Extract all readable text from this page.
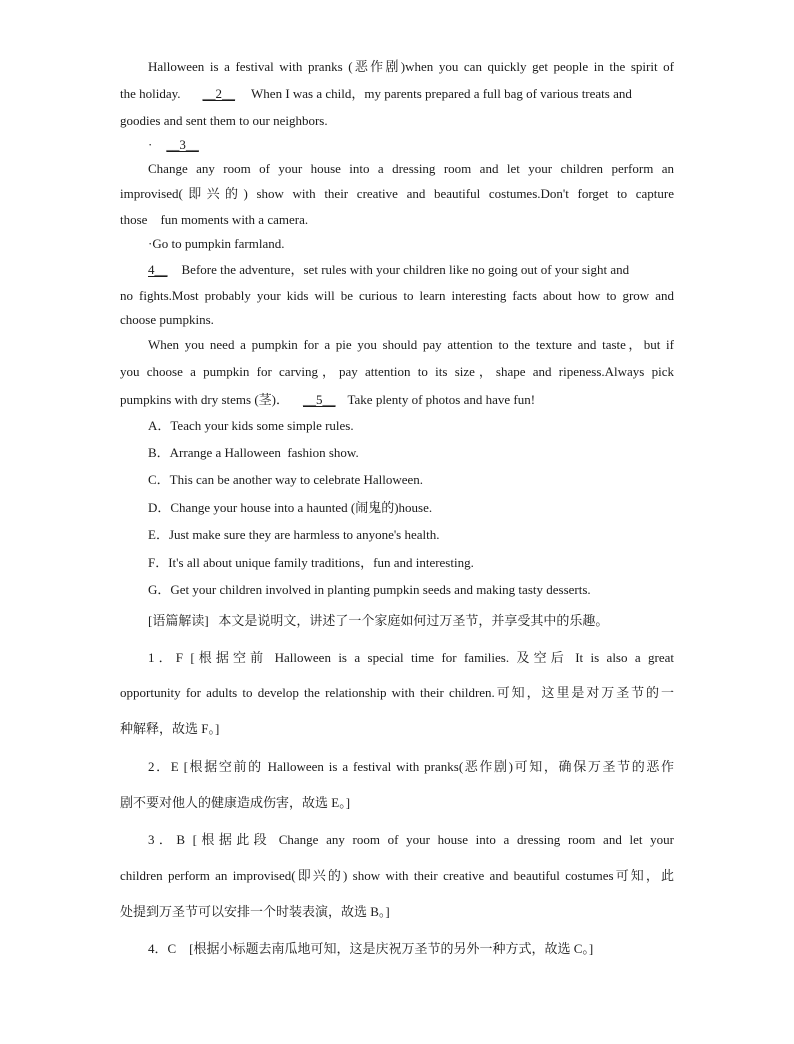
Halloween is a festival with pranks (恶作剧)when you can quickly get people in the spirit of
the holiday. __2__ When I was a child，my parents prepared a full bag of various treats and
goodies and sent them to our neighbors.
· __3__
Change any room of your house into a dressing room and let your children perform an
improvised(即兴的) show with their creative and beautiful costumes.Don't forget to capture
those    fun moments with a camera.
·Go to pumpkin farmland.
4__ Before the adventure，set rules with your children like no going out of your sight and
no fights.Most probably your kids will be curious to learn interesting facts about how to grow and
choose pumpkins.
When you need a pumpkin for a pie you should pay attention to the texture and taste，but if
you choose a pumpkin for carving，pay attention to its size，shape and ripeness.Always pick
pumpkins with dry stems (茎)． __5__ Take plenty of photos and have fun!
A．Teach your kids some simple rules.
B．Arrange a Halloween  fashion show.
C．This can be another way to celebrate Halloween.
D．Change your house into a haunted (闹鬼的)house.
E．Just make sure they are harmless to anyone's health.
F．It's all about unique family traditions，fun and interesting.
G．Get your children involved in planting pumpkin seeds and making tasty desserts.
[语篇解读]   本文是说明文，讲述了一个家庭如何过万圣节，并享受其中的乐趣。
1．F [根据空前 Halloween is a special time for families. 及空后 It is also a great
opportunity for adults to develop the relationship with their children.可知，这里是对万圣节的一
种解释，故选 F。]
2．E [根据空前的 Halloween is a festival with pranks(恶作剧)可知，确保万圣节的恶作
剧不要对他人的健康造成伤害，故选 E。]
3．B [根据此段 Change any room of your house into a dressing room and let your
children perform an improvised(即兴的) show with their creative and beautiful costumes可知，此
处提到万圣节可以安排一个时装表演，故选 B。]
4．C    [根据小标题去南瓜地可知，这是庆祝万圣节的另外一种方式，故选 C。]
